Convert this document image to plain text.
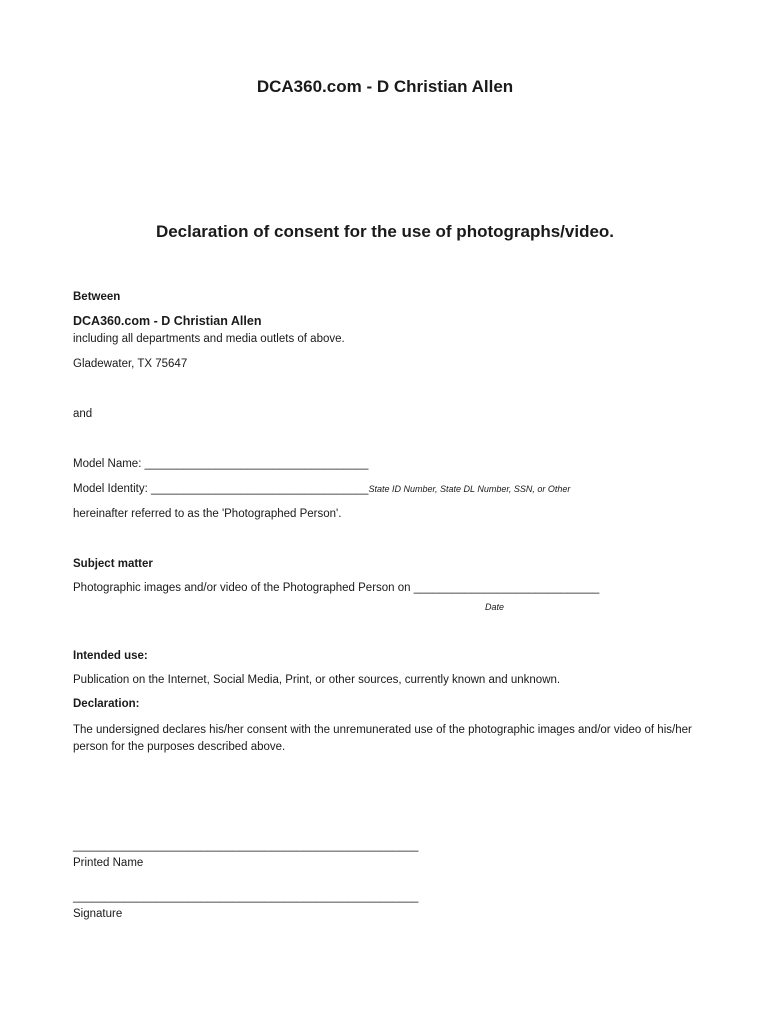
DCA360.com - D Christian Allen
Declaration of consent for the use of photographs/video.
Between
DCA360.com - D Christian Allen
including all departments and media outlets of above.
Gladewater, TX 75647
and
Model Name: ___________________________________
Model Identity: __________________________________State ID Number, State DL Number, SSN, or Other
hereinafter referred to as the 'Photographed Person'.
Subject matter
Photographic images and/or video of the Photographed Person on _____________________________
Date
Intended use:
Publication on the Internet, Social Media, Print, or other sources, currently known and unknown.
Declaration:
The undersigned declares his/her consent with the unremunerated use of the photographic images and/or video of his/her person for the purposes described above.
______________________________________________________
Printed Name
______________________________________________________
Signature
